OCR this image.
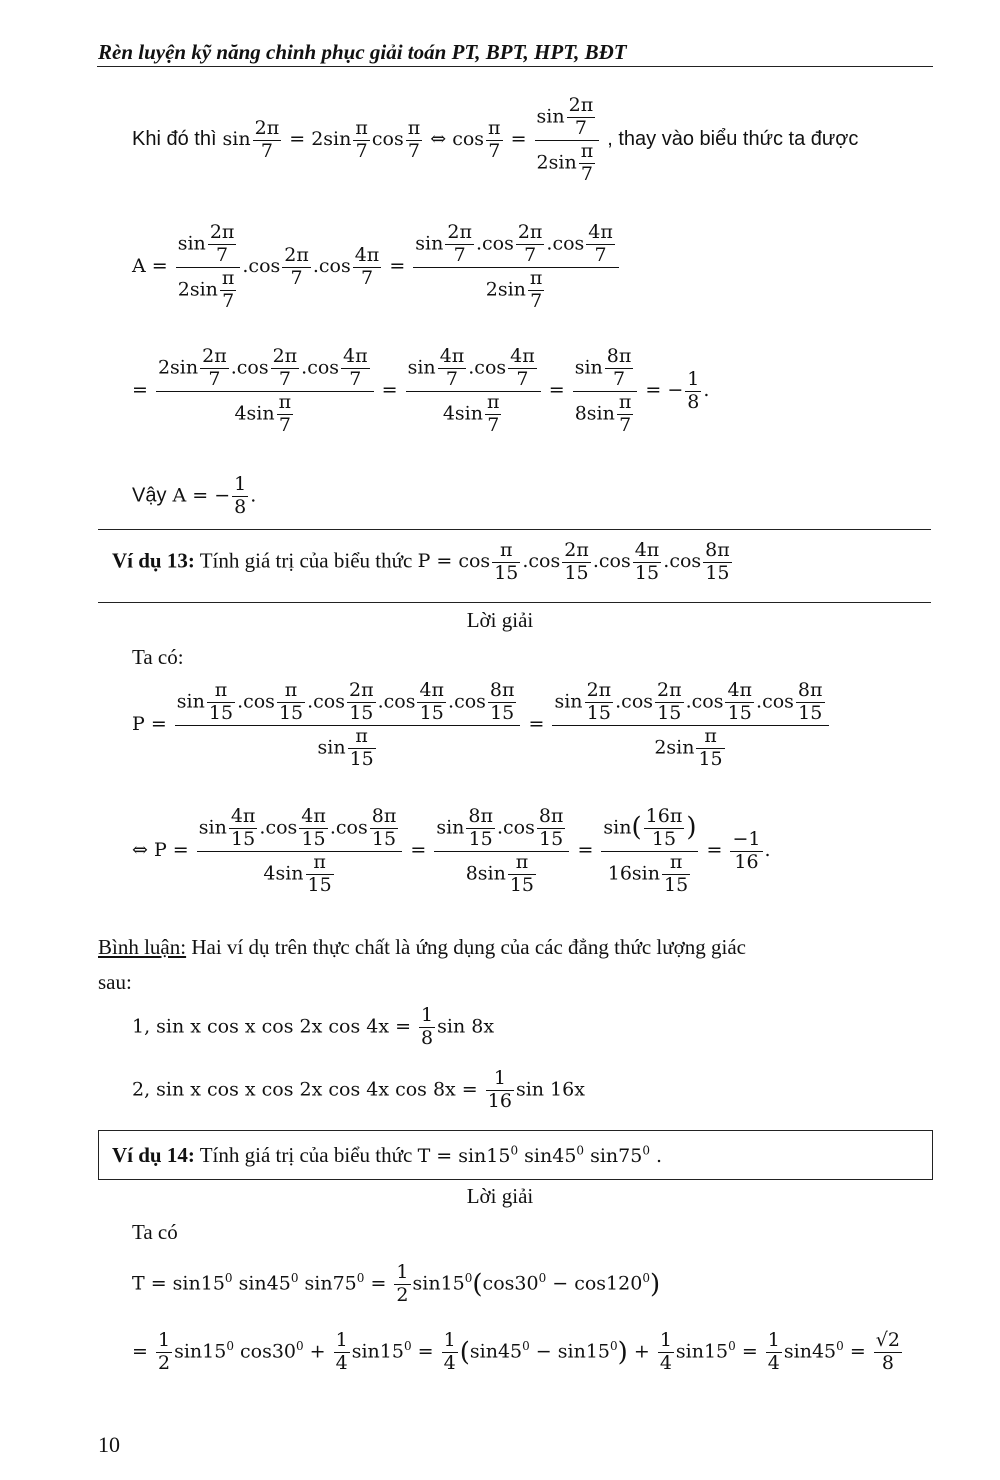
Rèn luyện kỹ năng chinh phục giải toán PT, BPT, HPT, BĐT
Khi đó thì $\sin \frac{2\pi}{7} = 2\sin \frac{\pi}{7}$ $\cos \frac{\pi}{7}$ ⇔ $\cos \frac{\pi}{7} = \frac{\sin \frac{2\pi}{7}}{2\sin \frac{\pi}{7}}$ , thay vào biểu thức ta được
$A = \frac{\sin \frac{2\pi}{7}}{2\sin \frac{\pi}{7}} .\cos \frac{2\pi}{7} .\cos \frac{4\pi}{7} = \frac{\sin \frac{2\pi}{7} .\cos \frac{2\pi}{7} .\cos \frac{4\pi}{7}}{2\sin \frac{\pi}{7}}$
= $\frac{2\sin \frac{2\pi}{7} .\cos \frac{2\pi}{7} .\cos \frac{4\pi}{7}}{4\sin \frac{\pi}{7}} = \frac{\sin \frac{4\pi}{7} .\cos \frac{4\pi}{7}}{4\sin \frac{\pi}{7}} = \frac{\sin \frac{8\pi}{7}}{8\sin \frac{\pi}{7}}$ = − $\frac{1}{8}$ .
Vậy A = − $\frac{1}{8}$ .
Ví dụ 13: Tính giá trị của biểu thức $P = \cos \frac{\pi}{15} .\cos \frac{2\pi}{15} .\cos \frac{4\pi}{15} .\cos \frac{8\pi}{15}$
Lời giải
Ta có:
$P = \frac{\sin \frac{\pi}{15} .\cos \frac{\pi}{15} .\cos \frac{2\pi}{15} .\cos \frac{4\pi}{15} .\cos \frac{8\pi}{15}}{\sin \frac{\pi}{15}} = \frac{\sin \frac{2\pi}{15} .\cos \frac{2\pi}{15} .\cos \frac{4\pi}{15} .\cos \frac{8\pi}{15}}{2\sin \frac{\pi}{15}}$
⇔ $P = \frac{\sin \frac{4\pi}{15} .\cos \frac{4\pi}{15} .\cos \frac{8\pi}{15}}{4\sin \frac{\pi}{15}} = \frac{\sin \frac{8\pi}{15} .\cos \frac{8\pi}{15}}{8\sin \frac{\pi}{15}} = \frac{\sin( \frac{16\pi}{15} )}{16\sin \frac{\pi}{15}} = \frac{-1}{16}$ .
Bình luận: Hai ví dụ trên thực chất là ứng dụng của các đẳng thức lượng giác
sau:
1, sin x cos x cos 2x $\cos 4x = \frac{1}{8}$ sin 8x
2, sin x cos x cos 2x cos 4x $\cos 8x = \frac{1}{16}$ sin 16x
Ví dụ 14: Tính giá trị của biểu thức $T = \sin 15^0$ $\sin 45^0$ $\sin 75^0$ .
Lời giải
Ta có
$T = \sin 15^0$ $\sin 45^0$ $\sin 75^0 = \frac{1}{2} \sin 15^0(\cos 30^0 - \cos 120^0)$
= $\frac{1}{2} \sin 15^0$ $\cos 30^0 + \frac{1}{4} \sin 15^0 = \frac{1}{4} (\sin 45^0 - \sin 15^0) + \frac{1}{4} \sin 15^0 = \frac{1}{4} \sin 45^0 = \frac{√2}{8}$
10
